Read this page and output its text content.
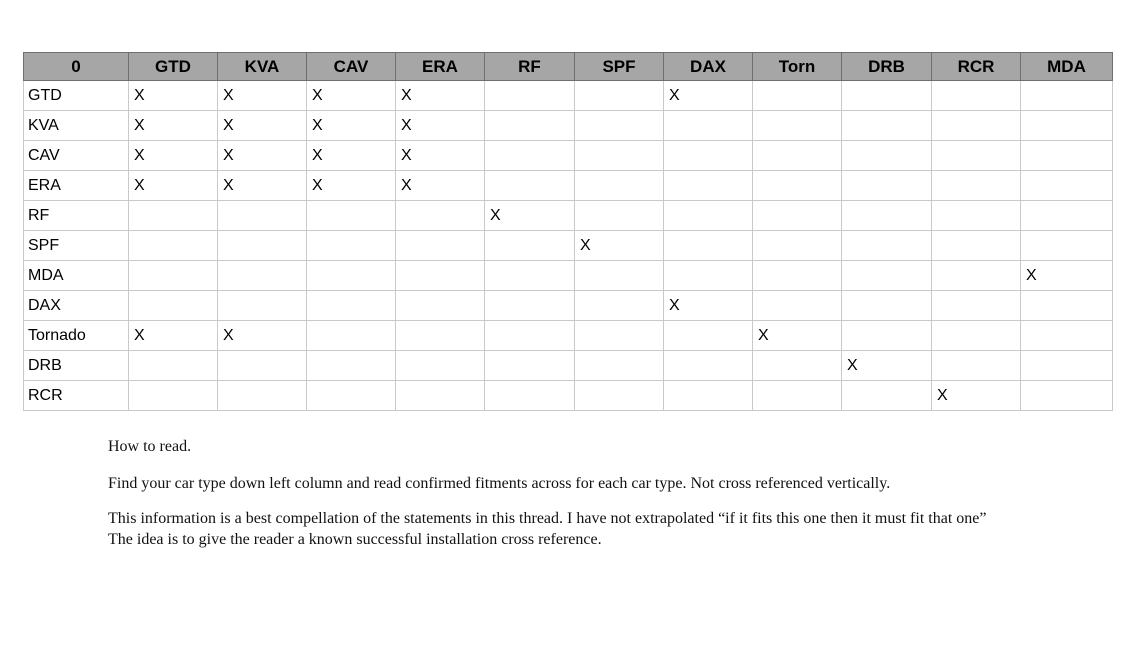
0	GTD	KVA	CAV	ERA	RF	SPF	DAX	Torn	DRB	RCR	MDA
GTD	X	X	X	X			X				
KVA	X	X	X	X							
CAV	X	X	X	X							
ERA	X	X	X	X							
RF					X						
SPF						X					
MDA											X
DAX							X				
Tornado	X	X						X			
DRB									X		
RCR										X	

How to read.

Find your car type down left column and read confirmed fitments across for each car type. Not cross referenced vertically.

This information is a best compellation of the statements in this thread. I have not extrapolated “if it fits this one then it must fit that one” The idea is to give the reader a known successful installation cross reference.
